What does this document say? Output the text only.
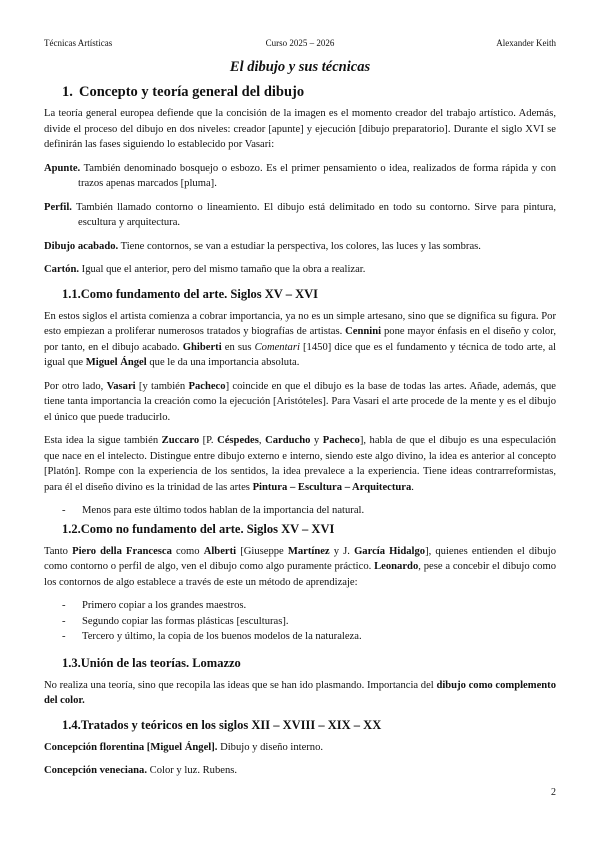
Técnicas Artísticas	Curso 2025 – 2026	Alexander Keith
El dibujo y sus técnicas
1. Concepto y teoría general del dibujo
La teoría general europea defiende que la concisión de la imagen es el momento creador del trabajo artístico. Además, divide el proceso del dibujo en dos niveles: creador [apunte] y ejecución [dibujo preparatorio]. Durante el siglo XVI se definirán las fases siguiendo lo establecido por Vasari:
Apunte. También denominado bosquejo o esbozo. Es el primer pensamiento o idea, realizados de forma rápida y con trazos apenas marcados [pluma].
Perfil. También llamado contorno o lineamiento. El dibujo está delimitado en todo su contorno. Sirve para pintura, escultura y arquitectura.
Dibujo acabado. Tiene contornos, se van a estudiar la perspectiva, los colores, las luces y las sombras.
Cartón. Igual que el anterior, pero del mismo tamaño que la obra a realizar.
1.1.Como fundamento del arte. Siglos XV – XVI
En estos siglos el artista comienza a cobrar importancia, ya no es un simple artesano, sino que se dignifica su figura. Por esto empiezan a proliferar numerosos tratados y biografías de artistas. Cennini pone mayor énfasis en el diseño y color, por tanto, en el dibujo acabado. Ghiberti en sus Comentari [1450] dice que es el fundamento y técnica de todo arte, al igual que Miguel Ángel que le da una importancia absoluta.
Por otro lado, Vasari [y también Pacheco] coincide en que el dibujo es la base de todas las artes. Añade, además, que tiene tanta importancia la creación como la ejecución [Aristóteles]. Para Vasari el arte procede de la mente y es el dibujo el único que puede traducirlo.
Esta idea la sigue también Zuccaro [P. Céspedes, Carducho y Pacheco], habla de que el dibujo es una especulación que nace en el intelecto. Distingue entre dibujo externo e interno, siendo este algo divino, la idea es anterior al concepto [Platón]. Rompe con la experiencia de los sentidos, la idea prevalece a la experiencia. Tiene ideas contrarreformistas, para él el diseño divino es la trinidad de las artes Pintura – Escultura – Arquitectura.
- Menos para este último todos hablan de la importancia del natural.
1.2.Como no fundamento del arte. Siglos XV – XVI
Tanto Piero della Francesca como Alberti [Giuseppe Martínez y J. García Hidalgo], quienes entienden el dibujo como contorno o perfil de algo, ven el dibujo como algo puramente práctico. Leonardo, pese a concebir el dibujo como los contornos de algo establece a través de este un método de aprendizaje:
- Primero copiar a los grandes maestros.
- Segundo copiar las formas plásticas [esculturas].
- Tercero y último, la copia de los buenos modelos de la naturaleza.
1.3.Unión de las teorías. Lomazzo
No realiza una teoría, sino que recopila las ideas que se han ido plasmando. Importancia del dibujo como complemento del color.
1.4.Tratados y teóricos en los siglos XII – XVIII – XIX – XX
Concepción florentina [Miguel Ángel]. Dibujo y diseño interno.
Concepción veneciana. Color y luz. Rubens.
2
